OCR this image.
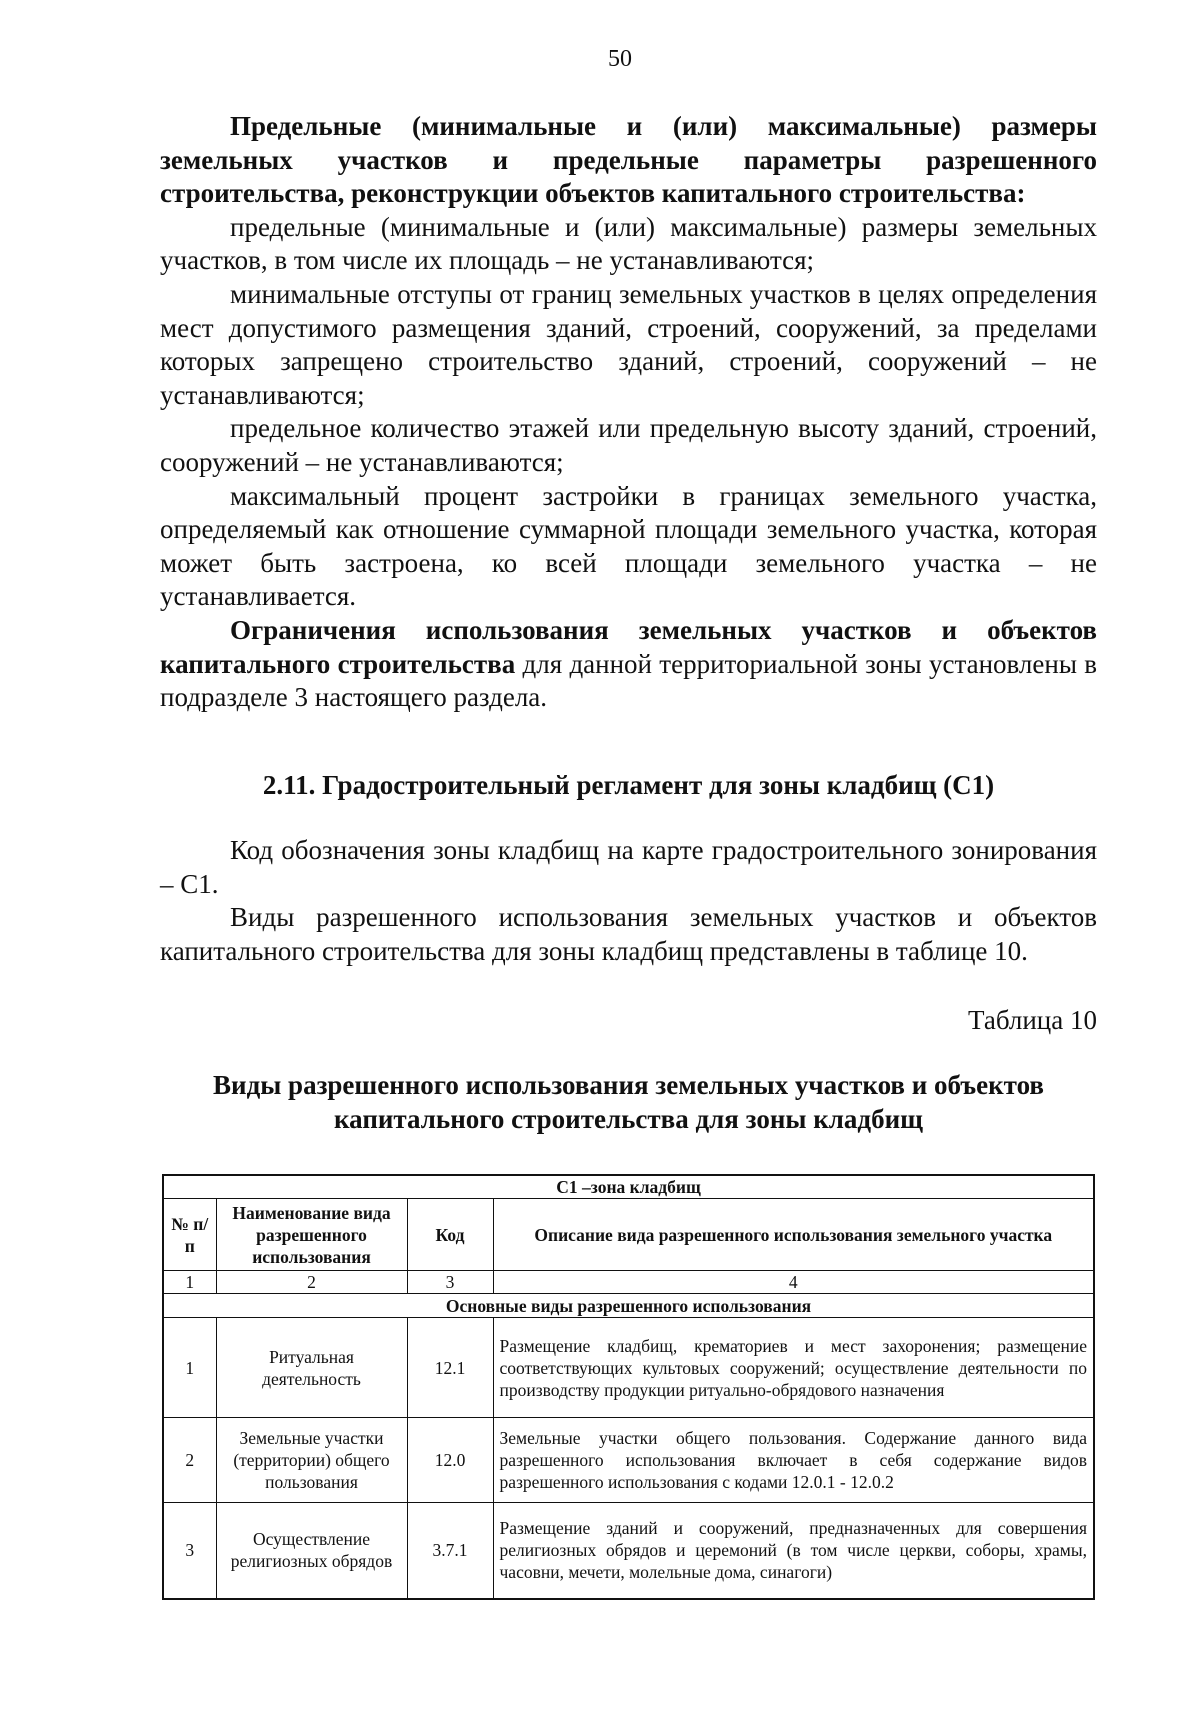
50

Предельные (минимальные и (или) максимальные) размеры земельных участков и предельные параметры разрешенного строительства, реконструкции объектов капитального строительства:

предельные (минимальные и (или) максимальные) размеры земельных участков, в том числе их площадь – не устанавливаются;

минимальные отступы от границ земельных участков в целях определения мест допустимого размещения зданий, строений, сооружений, за пределами которых запрещено строительство зданий, строений, сооружений – не устанавливаются;

предельное количество этажей или предельную высоту зданий, строений, сооружений – не устанавливаются;

максимальный процент застройки в границах земельного участка, определяемый как отношение суммарной площади земельного участка, которая может быть застроена, ко всей площади земельного участка – не устанавливается.

Ограничения использования земельных участков и объектов капитального строительства для данной территориальной зоны установлены в подразделе 3 настоящего раздела.

2.11. Градостроительный регламент для зоны кладбищ (С1)

Код обозначения зоны кладбищ на карте градостроительного зонирования – С1.

Виды разрешенного использования земельных участков и объектов капитального строительства для зоны кладбищ представлены в таблице 10.

Таблица 10
Виды разрешенного использования земельных участков и объектов капитального строительства для зоны кладбищ
С1 –зона кладбищ			
№ п/п	Наименование вида разрешенного использования	Код	Описание вида разрешенного использования земельного участка
1	2	3	4
Основные виды разрешенного использования			
1	Ритуальная деятельность	12.1	Размещение кладбищ, крематориев и мест захоронения; размещение соответствующих культовых сооружений; осуществление деятельности по производству продукции ритуально-обрядового назначения
2	Земельные участки (территории) общего пользования	12.0	Земельные участки общего пользования. Содержание данного вида разрешенного использования включает в себя содержание видов разрешенного использования с кодами 12.0.1 - 12.0.2
3	Осуществление религиозных обрядов	3.7.1	Размещение зданий и сооружений, предназначенных для совершения религиозных обрядов и церемоний (в том числе церкви, соборы, храмы, часовни, мечети, молельные дома, синагоги)
